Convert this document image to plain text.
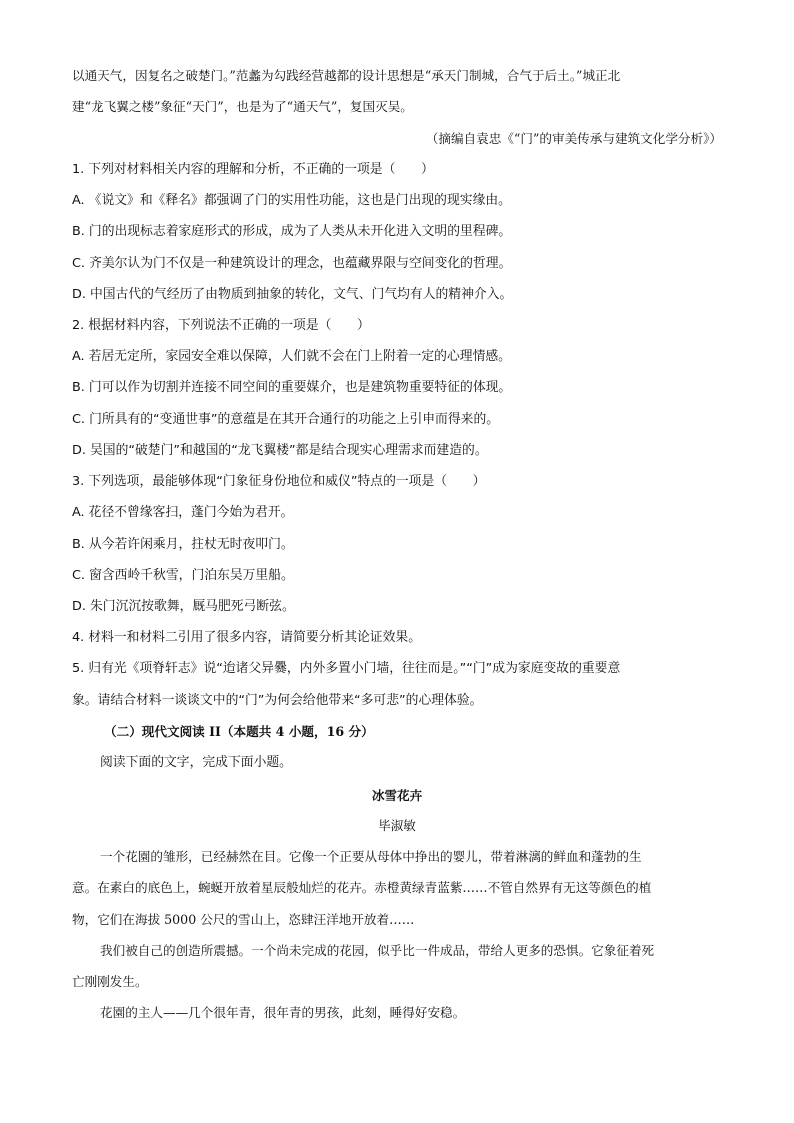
以通天气，因复名之破楚门。”范蠡为勾践经营越都的设计思想是“承天门制城，合气于后土。”城正北
建“龙飞翼之楼”象征“天门”，也是为了“通天气”，复国灭吴。
（摘编自袁忠《“门”的审美传承与建筑文化学分析》）
1. 下列对材料相关内容的理解和分析，不正确的一项是（　　）
A. 《说文》和《释名》都强调了门的实用性功能，这也是门出现的现实缘由。
B. 门的出现标志着家庭形式的形成，成为了人类从未开化进入文明的里程碑。
C. 齐美尔认为门不仅是一种建筑设计的理念，也蕴藏界限与空间变化的哲理。
D. 中国古代的气经历了由物质到抽象的转化，文气、门气均有人的精神介入。
2. 根据材料内容，下列说法不正确的一项是（　　）
A. 若居无定所，家园安全难以保障，人们就不会在门上附着一定的心理情感。
B. 门可以作为切割并连接不同空间的重要媒介，也是建筑物重要特征的体现。
C. 门所具有的“变通世事”的意蕴是在其开合通行的功能之上引申而得来的。
D. 吴国的“破楚门”和越国的“龙飞翼楼”都是结合现实心理需求而建造的。
3. 下列选项，最能够体现“门象征身份地位和威仪”特点的一项是（　　）
A. 花径不曾缘客扫，蓬门今始为君开。
B. 从今若许闲乘月，拄杖无时夜叩门。
C. 窗含西岭千秋雪，门泊东吴万里船。
D. 朱门沉沉按歌舞，厩马肥死弓断弦。
4. 材料一和材料二引用了很多内容，请简要分析其论证效果。
5. 归有光《项脊轩志》说“迨诸父异爨，内外多置小门墙，往往而是。”“门”成为家庭变故的重要意
象。请结合材料一谈谈文中的“门”为何会给他带来“多可悲”的心理体验。
（二）现代文阅读 II（本题共 4 小题，16 分）
阅读下面的文字，完成下面小题。
冰雪花卉
毕淑敏
一个花園的雏形，已经赫然在目。它像一个正要从母体中挣出的婴儿，带着淋漓的鲜血和蓬勃的生
意。在素白的底色上，蜿蜒开放着星辰般灿烂的花卉。赤橙黄绿青蓝紫……不管自然界有无这等颜色的植
物，它们在海拔 5000 公尺的雪山上，恣肆汪洋地开放着……
我们被自己的创造所震撼。一个尚未完成的花园，似乎比一件成品，带给人更多的恐惧。它象征着死
亡刚刚发生。
花園的主人——几个很年青，很年青的男孩，此刻，睡得好安稳。
